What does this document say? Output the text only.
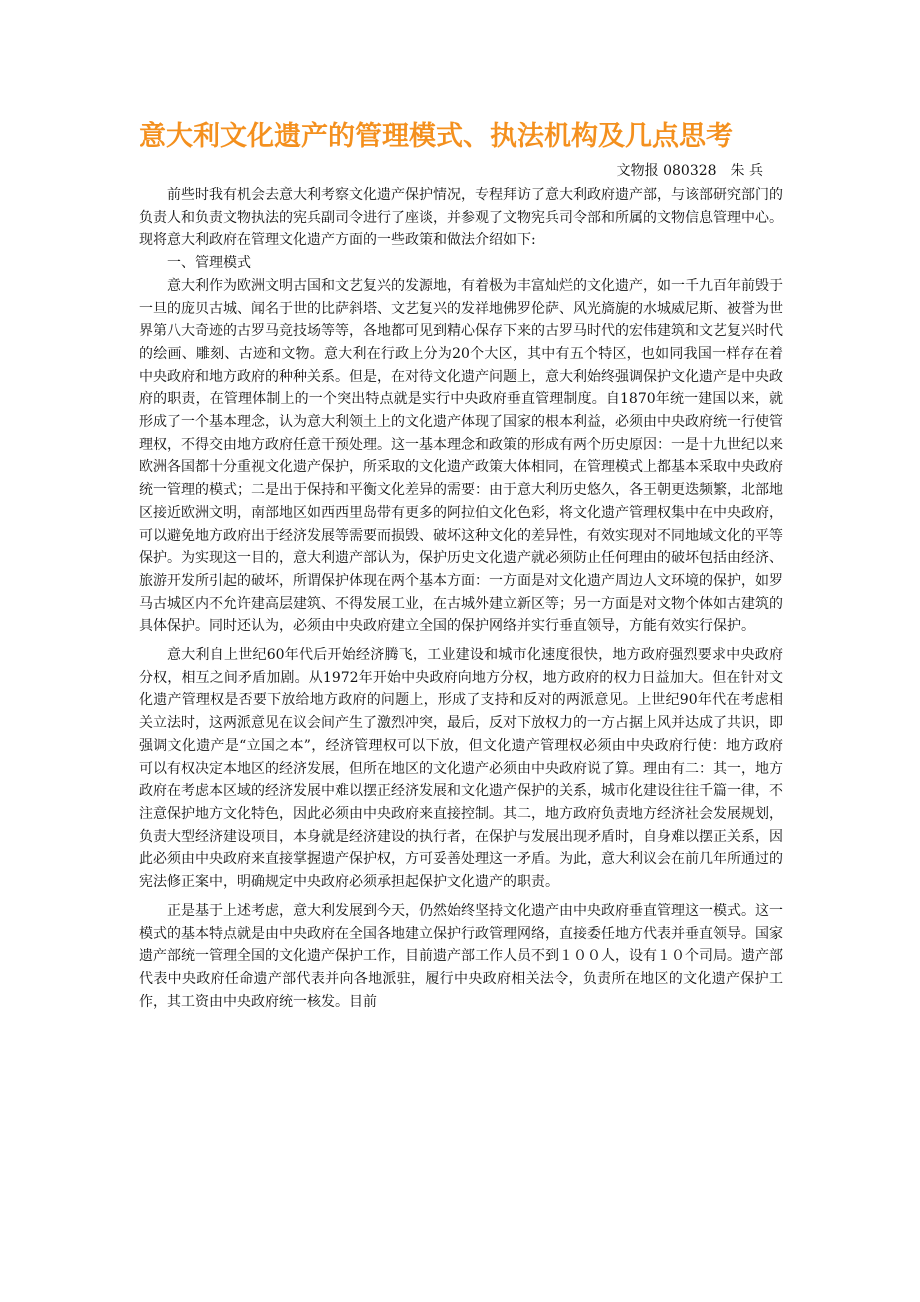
意大利文化遗产的管理模式、执法机构及几点思考
文物报 080328　朱 兵

前些时我有机会去意大利考察文化遗产保护情况，专程拜访了意大利政府遗产部，与该部研究部门的负责人和负责文物执法的宪兵副司令进行了座谈，并参观了文物宪兵司令部和所属的文物信息管理中心。现将意大利政府在管理文化遗产方面的一些政策和做法介绍如下:

一、管理模式

意大利作为欧洲文明古国和文艺复兴的发源地，有着极为丰富灿烂的文化遗产，如一千九百年前毁于一旦的庞贝古城、闻名于世的比萨斜塔、文艺复兴的发祥地佛罗伦萨、风光旖旎的水城威尼斯、被誉为世界第八大奇迹的古罗马竞技场等等，各地都可见到精心保存下来的古罗马时代的宏伟建筑和文艺复兴时代的绘画、雕刻、古迹和文物。意大利在行政上分为20个大区，其中有五个特区，也如同我国一样存在着中央政府和地方政府的种种关系。但是，在对待文化遗产问题上，意大利始终强调保护文化遗产是中央政府的职责，在管理体制上的一个突出特点就是实行中央政府垂直管理制度。自1870年统一建国以来，就形成了一个基本理念，认为意大利领土上的文化遗产体现了国家的根本利益，必须由中央政府统一行使管理权，不得交由地方政府任意干预处理。这一基本理念和政策的形成有两个历史原因：一是十九世纪以来欧洲各国都十分重视文化遗产保护，所采取的文化遗产政策大体相同，在管理模式上都基本采取中央政府统一管理的模式；二是出于保持和平衡文化差异的需要：由于意大利历史悠久，各王朝更迭频繁，北部地区接近欧洲文明，南部地区如西西里岛带有更多的阿拉伯文化色彩，将文化遗产管理权集中在中央政府，可以避免地方政府出于经济发展等需要而损毁、破坏这种文化的差异性，有效实现对不同地域文化的平等保护。为实现这一目的，意大利遗产部认为，保护历史文化遗产就必须防止任何理由的破坏包括由经济、旅游开发所引起的破坏，所谓保护体现在两个基本方面：一方面是对文化遗产周边人文环境的保护，如罗马古城区内不允许建高层建筑、不得发展工业，在古城外建立新区等；另一方面是对文物个体如古建筑的具体保护。同时还认为，必须由中央政府建立全国的保护网络并实行垂直领导，方能有效实行保护。

意大利自上世纪60年代后开始经济腾飞，工业建设和城市化速度很快，地方政府强烈要求中央政府分权，相互之间矛盾加剧。从1972年开始中央政府向地方分权，地方政府的权力日益加大。但在针对文化遗产管理权是否要下放给地方政府的问题上，形成了支持和反对的两派意见。上世纪90年代在考虑相关立法时，这两派意见在议会间产生了激烈冲突，最后，反对下放权力的一方占据上风并达成了共识，即强调文化遗产是“立国之本”，经济管理权可以下放，但文化遗产管理权必须由中央政府行使：地方政府可以有权决定本地区的经济发展，但所在地区的文化遗产必须由中央政府说了算。理由有二：其一，地方政府在考虑本区域的经济发展中难以摆正经济发展和文化遗产保护的关系，城市化建设往往千篇一律，不注意保护地方文化特色，因此必须由中央政府来直接控制。其二，地方政府负责地方经济社会发展规划，负责大型经济建设项目，本身就是经济建设的执行者，在保护与发展出现矛盾时，自身难以摆正关系，因此必须由中央政府来直接掌握遗产保护权，方可妥善处理这一矛盾。为此，意大利议会在前几年所通过的宪法修正案中，明确规定中央政府必须承担起保护文化遗产的职责。

正是基于上述考虑，意大利发展到今天，仍然始终坚持文化遗产由中央政府垂直管理这一模式。这一模式的基本特点就是由中央政府在全国各地建立保护行政管理网络，直接委任地方代表并垂直领导。国家遗产部统一管理全国的文化遗产保护工作，目前遗产部工作人员不到１００人，设有１０个司局。遗产部代表中央政府任命遗产部代表并向各地派驻，履行中央政府相关法令，负责所在地区的文化遗产保护工作，其工资由中央政府统一核发。目前
